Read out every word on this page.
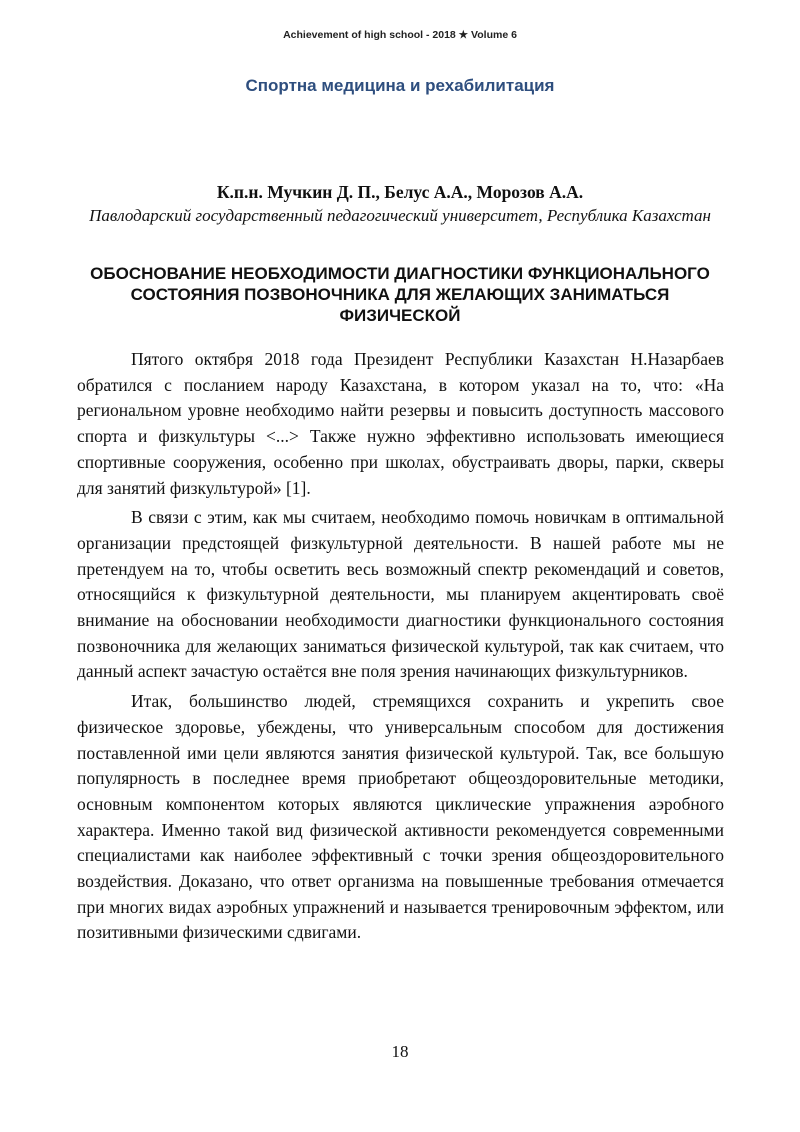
Achievement of high school - 2018 ★ Volume 6
Спортна медицина и рехабилитация
К.п.н. Мучкин Д. П., Белус А.А., Морозов А.А.
Павлодарский государственный педагогический университет, Республика Казахстан
ОБОСНОВАНИЕ НЕОБХОДИМОСТИ ДИАГНОСТИКИ ФУНКЦИОНАЛЬНОГО СОСТОЯНИЯ ПОЗВОНОЧНИКА ДЛЯ ЖЕЛАЮЩИХ ЗАНИМАТЬСЯ ФИЗИЧЕСКОЙ

Пятого октября 2018 года Президент Республики Казахстан Н.Назарбаев обратился с посланием народу Казахстана, в котором указал на то, что: «На региональном уровне необходимо найти резервы и повысить доступность массового спорта и физкультуры <...> Также нужно эффективно использовать имеющиеся спортивные сооружения, особенно при школах, обустраивать дворы, парки, скверы для занятий физкультурой» [1].

В связи с этим, как мы считаем, необходимо помочь новичкам в оптимальной организации предстоящей физкультурной деятельности. В нашей работе мы не претендуем на то, чтобы осветить весь возможный спектр рекомендаций и советов, относящийся к физкультурной деятельности, мы планируем акцентировать своё внимание на обосновании необходимости диагностики функционального состояния позвоночника для желающих заниматься физической культурой, так как считаем, что данный аспект зачастую остаётся вне поля зрения начинающих физкультурников.

Итак, большинство людей, стремящихся сохранить и укрепить свое физическое здоровье, убеждены, что универсальным способом для достижения поставленной ими цели являются занятия физической культурой. Так, все большую популярность в последнее время приобретают общеоздоровительные методики, основным компонентом которых являются циклические упражнения аэробного характера. Именно такой вид физической активности рекомендуется современными специалистами как наиболее эффективный с точки зрения общеоздоровительного воздействия. Доказано, что ответ организма на повышенные требования отмечается при многих видах аэробных упражнений и называется тренировочным эффектом, или позитивными физическими сдвигами.

18
